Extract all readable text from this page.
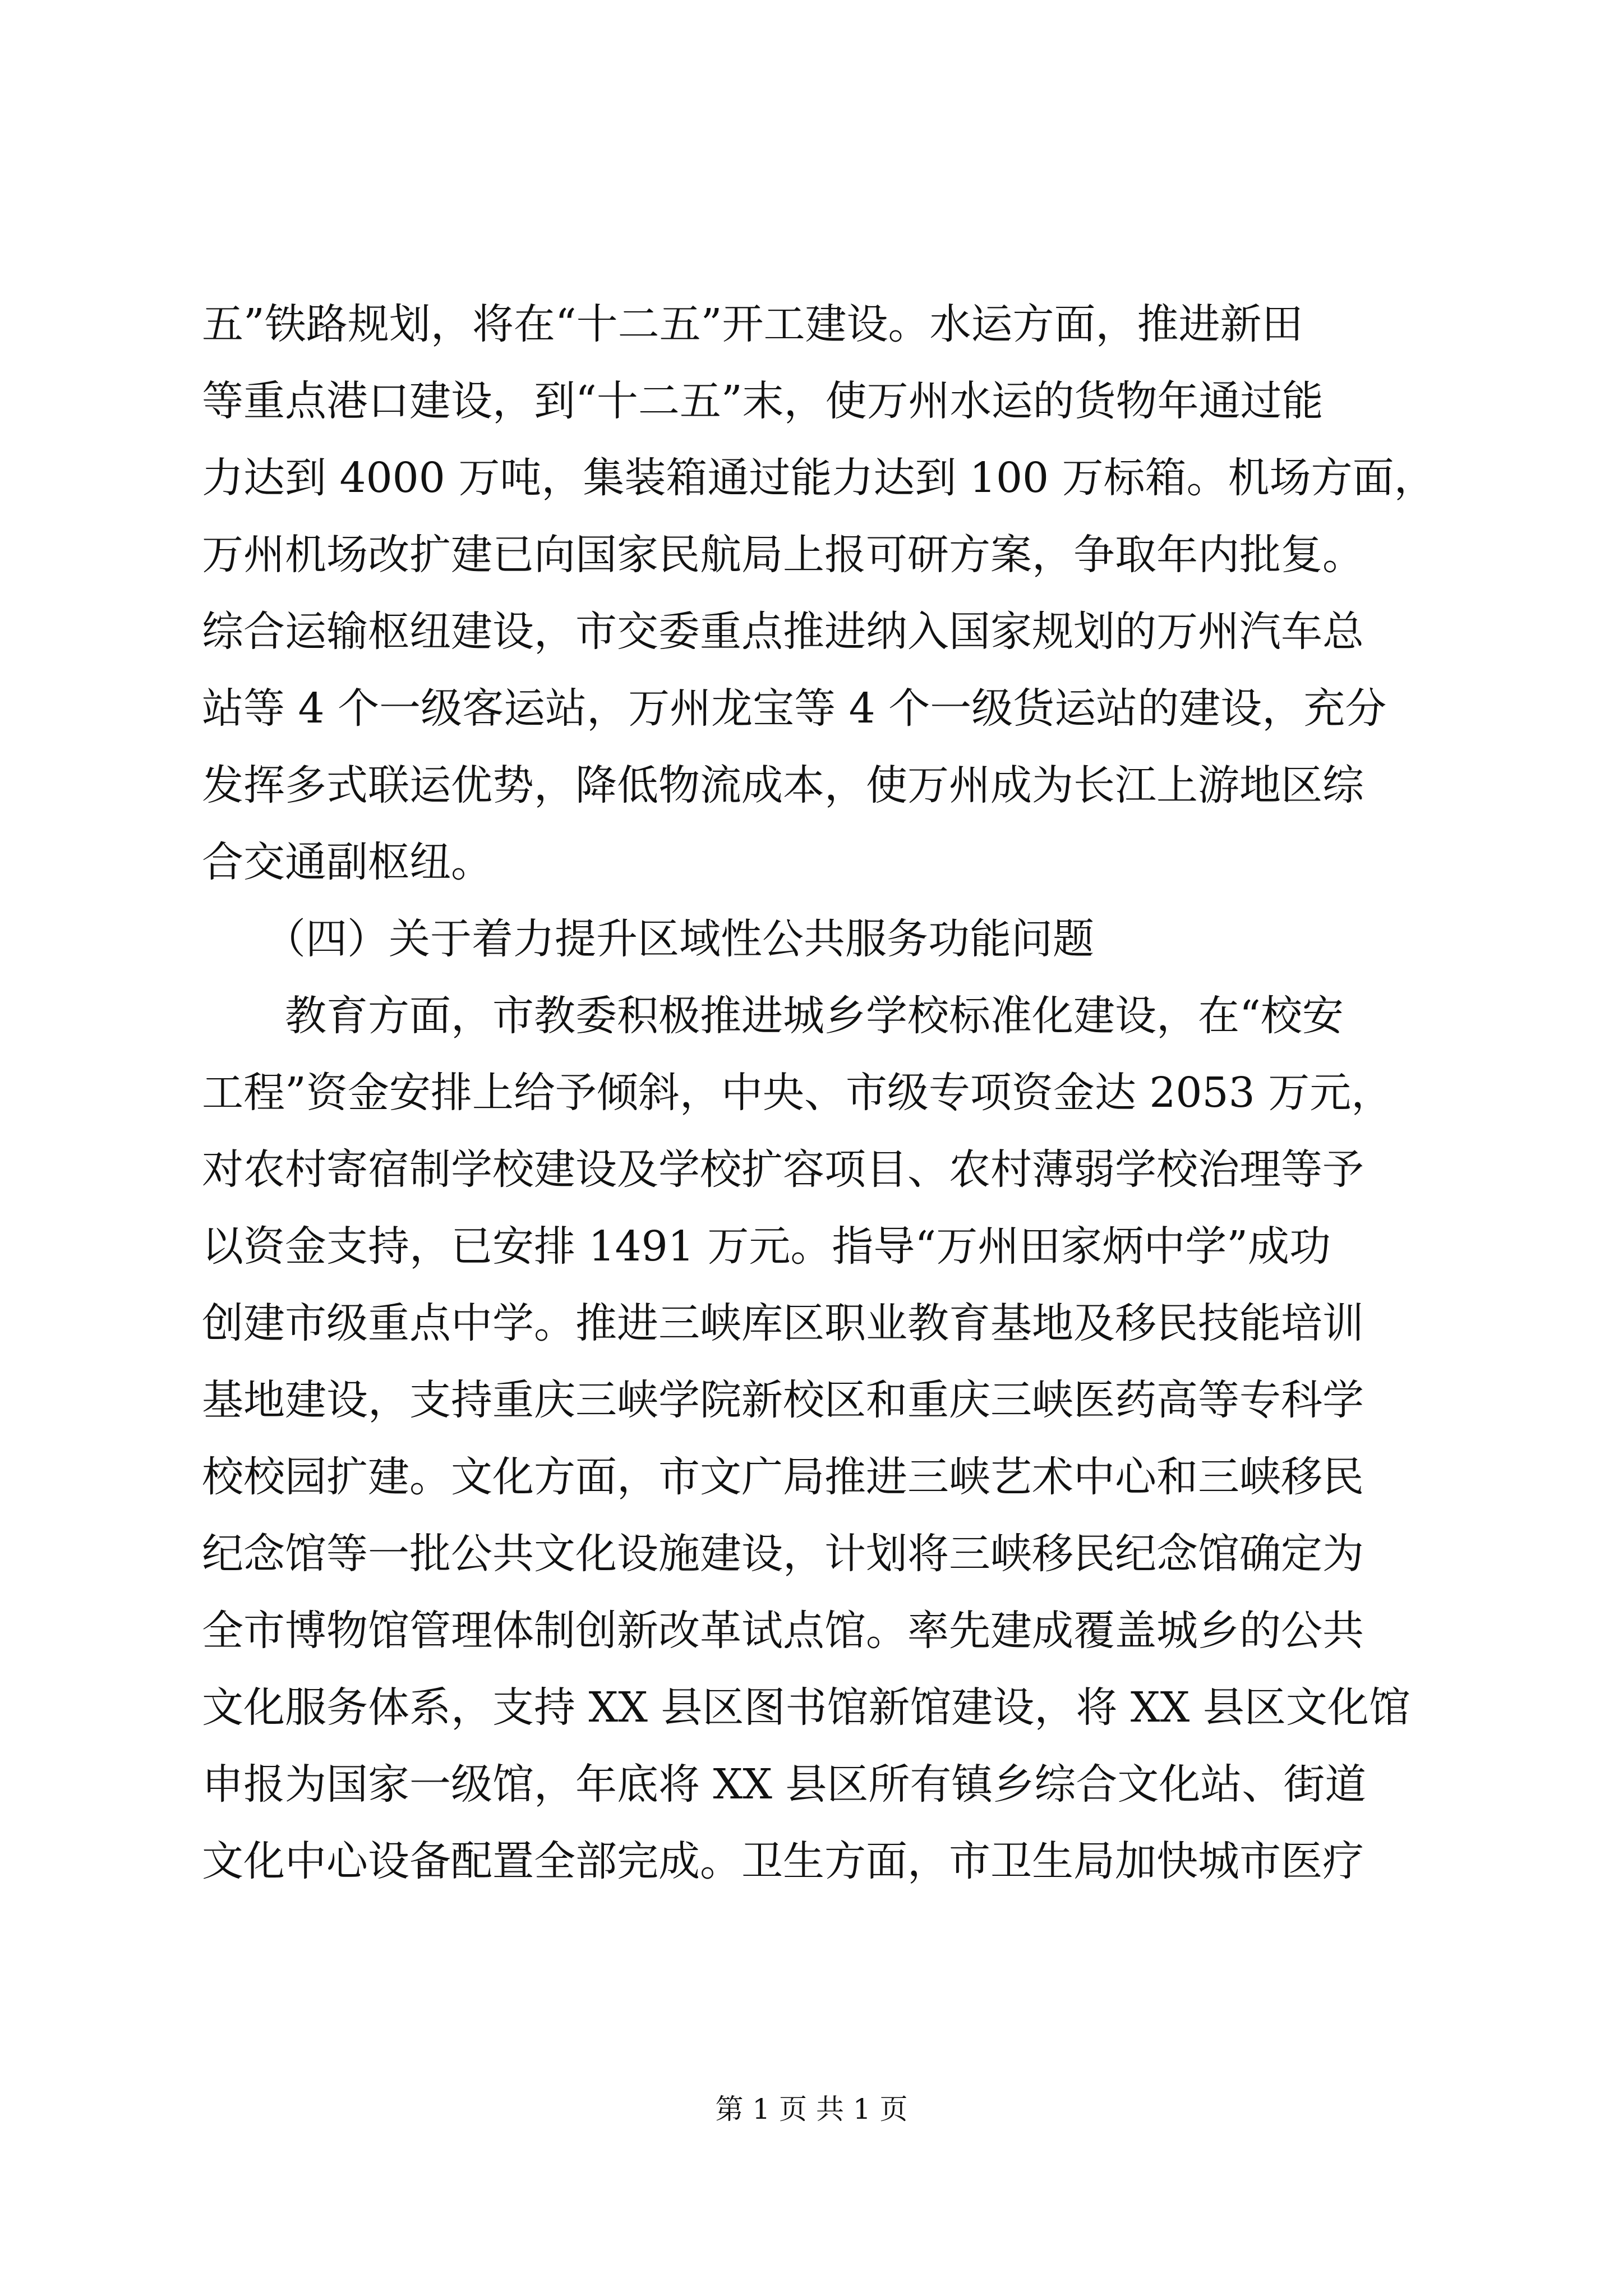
五”铁路规划，将在“十二五”开工建设。水运方面，推进新田
等重点港口建设，到“十二五”末，使万州水运的货物年通过能
力达到 4000 万吨，集装箱通过能力达到 100 万标箱。机场方面，
万州机场改扩建已向国家民航局上报可研方案，争取年内批复。
综合运输枢纽建设，市交委重点推进纳入国家规划的万州汽车总
站等 4 个一级客运站，万州龙宝等 4 个一级货运站的建设，充分
发挥多式联运优势，降低物流成本，使万州成为长江上游地区综
合交通副枢纽。
　　（四）关于着力提升区域性公共服务功能问题
　　教育方面，市教委积极推进城乡学校标准化建设，在“校安
工程”资金安排上给予倾斜，中央、市级专项资金达 2053 万元，
对农村寄宿制学校建设及学校扩容项目、农村薄弱学校治理等予
以资金支持，已安排 1491 万元。指导“万州田家炳中学”成功
创建市级重点中学。推进三峡库区职业教育基地及移民技能培训
基地建设，支持重庆三峡学院新校区和重庆三峡医药高等专科学
校校园扩建。文化方面，市文广局推进三峡艺术中心和三峡移民
纪念馆等一批公共文化设施建设，计划将三峡移民纪念馆确定为
全市博物馆管理体制创新改革试点馆。率先建成覆盖城乡的公共
文化服务体系，支持 XX 县区图书馆新馆建设，将 XX 县区文化馆
申报为国家一级馆，年底将 XX 县区所有镇乡综合文化站、街道
文化中心设备配置全部完成。卫生方面，市卫生局加快城市医疗
第 1 页 共 1 页
